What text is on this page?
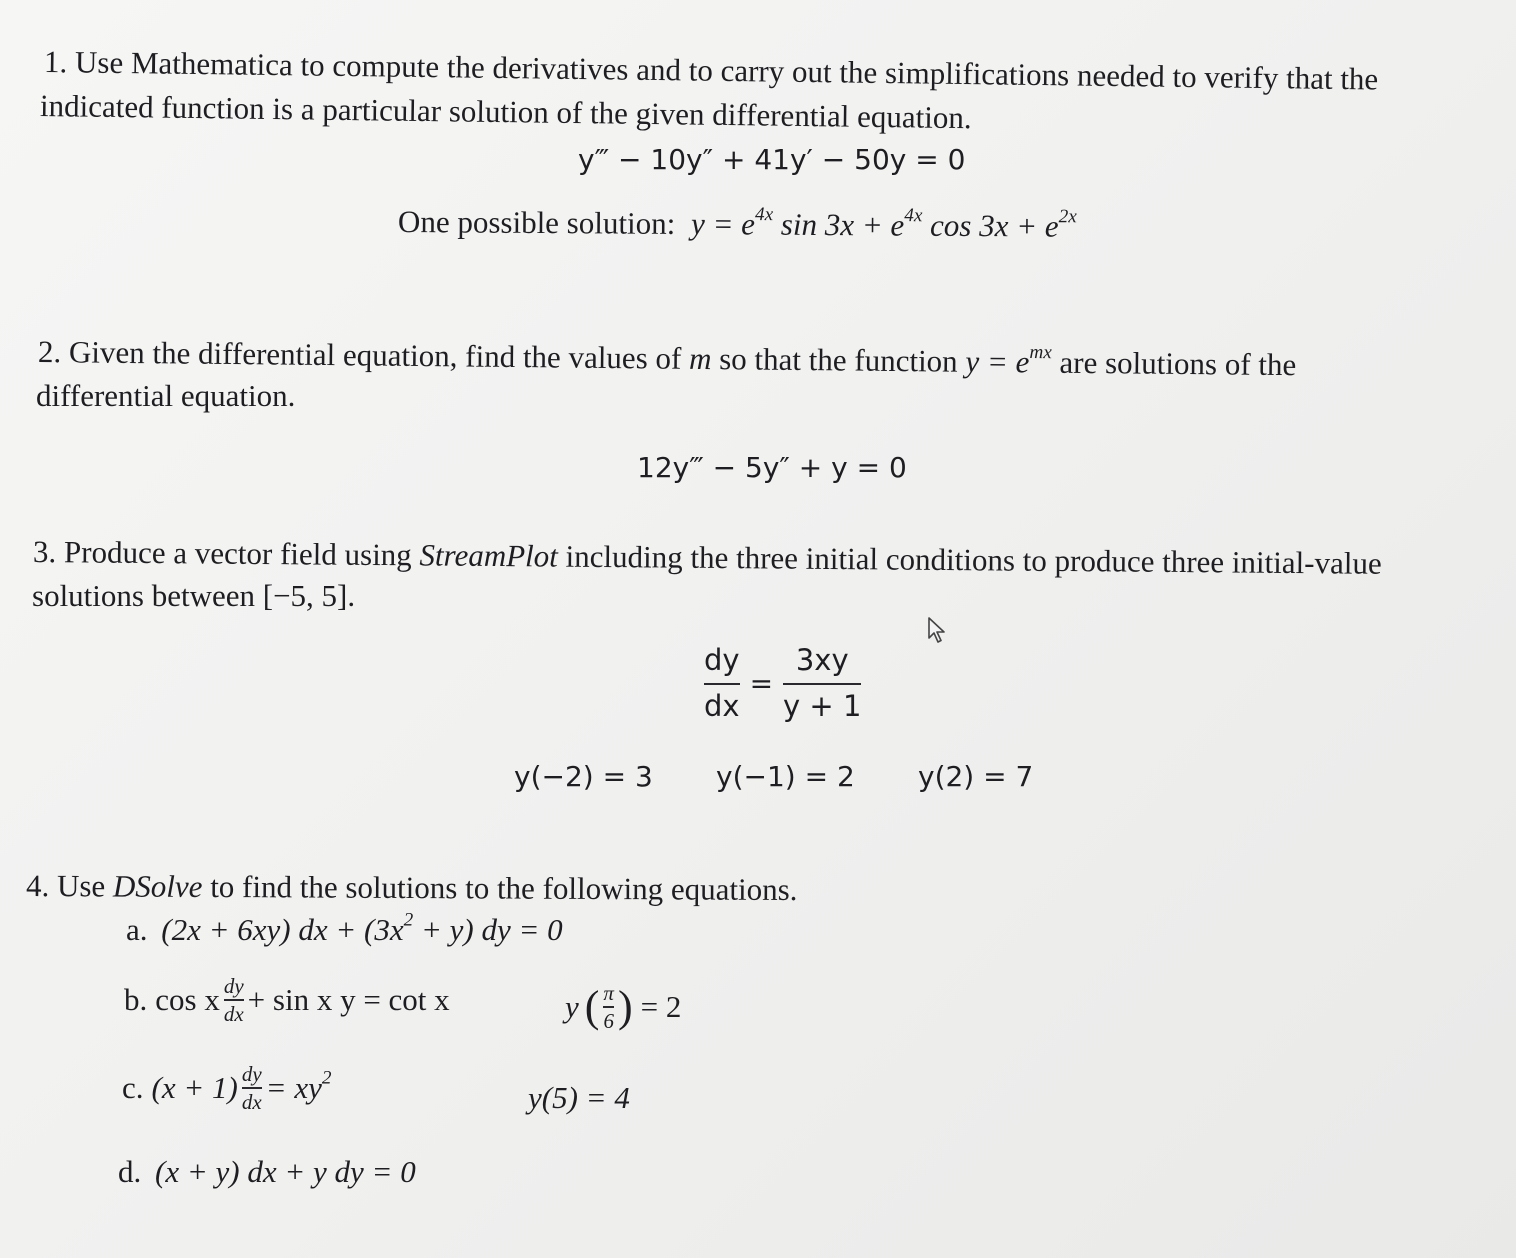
1. Use Mathematica to compute the derivatives and to carry out the simplifications needed to verify that the
indicated function is a particular solution of the given differential equation.
y‴ − 10y″ + 41y′ − 50y = 0
One possible solution: $y = e^{4x}$ $\sin 3x + e^{4x}$ $\cos 3x + e^{2x}$
2. Given the differential equation, find the values of m so that the function $y = e^{mx}$ are solutions of the
differential equation.
12y‴ − 5y″ + y = 0
3. Produce a vector field using StreamPlot including the three initial conditions to produce three initial-value
solutions between [−5, 5].
$\frac{dy}{dx} = \frac{3xy}{y + 1}$
y(−2) = 3 y(−1) = 2 y(2) = 7
4. Use DSolve to find the solutions to the following equations.
a. (2x + 6xy) dx + $(3x^2 + y)$ dy = 0
b. cos x $\frac{dy}{dx} + \sin x$ y = cot x	y ( $\frac{\pi}{6}$ ) = 2
c. $(x + 1) \frac{dy}{dx} = xy^2$
y(5) = 4
d. (x + y) dx + y dy = 0
